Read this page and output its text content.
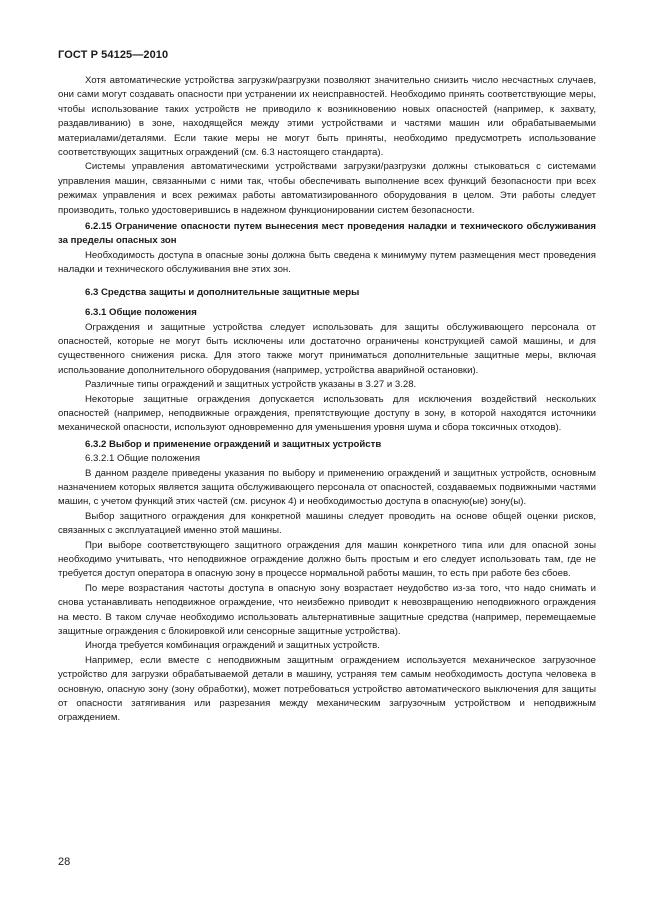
ГОСТ Р 54125—2010

Хотя автоматические устройства загрузки/разгрузки позволяют значительно снизить число несчастных случаев, они сами могут создавать опасности при устранении их неисправностей. Необходимо принять соответствующие меры, чтобы использование таких устройств не приводило к возникновению новых опасностей (например, к захвату, раздавливанию) в зоне, находящейся между этими устройствами и частями машин или обрабатываемыми материалами/деталями. Если такие меры не могут быть приняты, необходимо предусмотреть использование соответствующих защитных ограждений (см. 6.3 настоящего стандарта).

Системы управления автоматическими устройствами загрузки/разгрузки должны стыковаться с системами управления машин, связанными с ними так, чтобы обеспечивать выполнение всех функций безопасности при всех режимах управления и всех режимах работы автоматизированного оборудования в целом. Эти работы следует производить, только удостоверившись в надежном функционировании систем безопасности.

6.2.15 Ограничение опасности путем вынесения мест проведения наладки и технического обслуживания за пределы опасных зон

Необходимость доступа в опасные зоны должна быть сведена к минимуму путем размещения мест проведения наладки и технического обслуживания вне этих зон.

6.3 Средства защиты и дополнительные защитные меры

6.3.1 Общие положения

Ограждения и защитные устройства следует использовать для защиты обслуживающего персонала от опасностей, которые не могут быть исключены или достаточно ограничены конструкцией самой машины, и для существенного снижения риска. Для этого также могут приниматься дополнительные защитные меры, включая использование дополнительного оборудования (например, устройства аварийной остановки).

Различные типы ограждений и защитных устройств указаны в 3.27 и 3.28.

Некоторые защитные ограждения допускается использовать для исключения воздействий нескольких опасностей (например, неподвижные ограждения, препятствующие доступу в зону, в которой находятся источники механической опасности, используют одновременно для уменьшения уровня шума и сбора токсичных отходов).

6.3.2 Выбор и применение ограждений и защитных устройств

6.3.2.1 Общие положения

В данном разделе приведены указания по выбору и применению ограждений и защитных устройств, основным назначением которых является защита обслуживающего персонала от опасностей, создаваемых подвижными частями машин, с учетом функций этих частей (см. рисунок 4) и необходимостью доступа в опасную(ые) зону(ы).

Выбор защитного ограждения для конкретной машины следует проводить на основе общей оценки рисков, связанных с эксплуатацией именно этой машины.

При выборе соответствующего защитного ограждения для машин конкретного типа или для опасной зоны необходимо учитывать, что неподвижное ограждение должно быть простым и его следует использовать там, где не требуется доступ оператора в опасную зону в процессе нормальной работы машин, то есть при работе без сбоев.

По мере возрастания частоты доступа в опасную зону возрастает неудобство из-за того, что надо снимать и снова устанавливать неподвижное ограждение, что неизбежно приводит к невозвращению неподвижного ограждения на место. В таком случае необходимо использовать альтернативные защитные средства (например, перемещаемые защитные ограждения с блокировкой или сенсорные защитные устройства).

Иногда требуется комбинация ограждений и защитных устройств.

Например, если вместе с неподвижным защитным ограждением используется механическое загрузочное устройство для загрузки обрабатываемой детали в машину, устраняя тем самым необходимость доступа человека в основную, опасную зону (зону обработки), может потребоваться устройство автоматического выключения для защиты от опасности затягивания или разрезания между механическим загрузочным устройством и неподвижным ограждением.

28
